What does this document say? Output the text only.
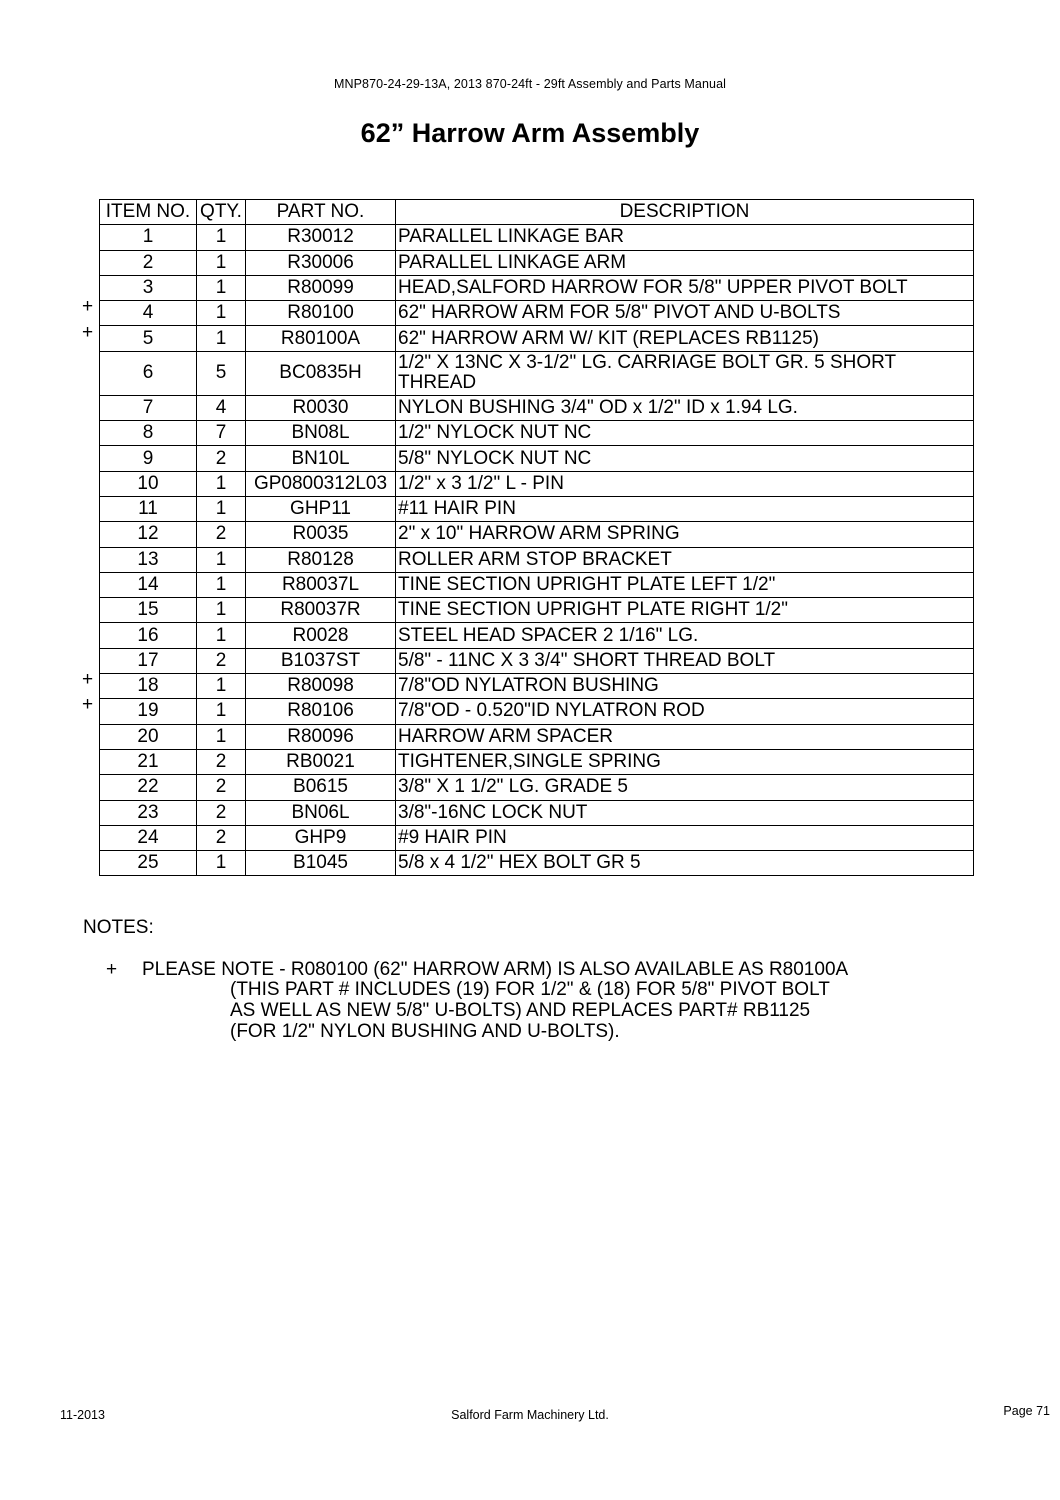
MNP870-24-29-13A, 2013 870-24ft - 29ft Assembly and Parts Manual
62” Harrow Arm Assembly
ITEM NO.	QTY.	PART NO.	DESCRIPTION
1	1	R30012	PARALLEL LINKAGE BAR
2	1	R30006	PARALLEL LINKAGE ARM
3	1	R80099	HEAD,SALFORD HARROW FOR 5/8" UPPER PIVOT BOLT
4	1	R80100	62" HARROW ARM FOR 5/8" PIVOT AND U-BOLTS
5	1	R80100A	62" HARROW ARM W/ KIT (REPLACES RB1125)
6	5	BC0835H	1/2" X 13NC X 3-1/2" LG. CARRIAGE BOLT GR. 5 SHORT THREAD
7	4	R0030	NYLON BUSHING 3/4" OD x 1/2" ID x 1.94 LG.
8	7	BN08L	1/2" NYLOCK NUT NC
9	2	BN10L	5/8" NYLOCK NUT NC
10	1	GP0800312L03	1/2" x 3 1/2" L - PIN
11	1	GHP11	#11 HAIR PIN
12	2	R0035	2" x 10" HARROW ARM SPRING
13	1	R80128	ROLLER ARM STOP BRACKET
14	1	R80037L	TINE SECTION UPRIGHT PLATE LEFT 1/2"
15	1	R80037R	TINE SECTION UPRIGHT PLATE RIGHT 1/2"
16	1	R0028	STEEL HEAD SPACER 2 1/16" LG.
17	2	B1037ST	5/8" - 11NC X 3 3/4" SHORT THREAD BOLT
18	1	R80098	7/8"OD NYLATRON BUSHING
19	1	R80106	7/8"OD - 0.520"ID NYLATRON ROD
20	1	R80096	HARROW ARM SPACER
21	2	RB0021	TIGHTENER,SINGLE SPRING
22	2	B0615	3/8" X 1 1/2" LG. GRADE 5
23	2	BN06L	3/8"-16NC LOCK NUT
24	2	GHP9	#9 HAIR PIN
25	1	B1045	5/8 x 4 1/2" HEX BOLT GR 5
+
+
+
+
NOTES:
+ PLEASE NOTE - R080100 (62" HARROW ARM) IS ALSO AVAILABLE AS R80100A
(THIS PART # INCLUDES (19) FOR 1/2" & (18) FOR 5/8" PIVOT BOLT
AS WELL AS NEW 5/8" U-BOLTS) AND REPLACES PART# RB1125
(FOR 1/2" NYLON BUSHING AND U-BOLTS).
11-2013	Salford Farm Machinery Ltd.	Page 71
